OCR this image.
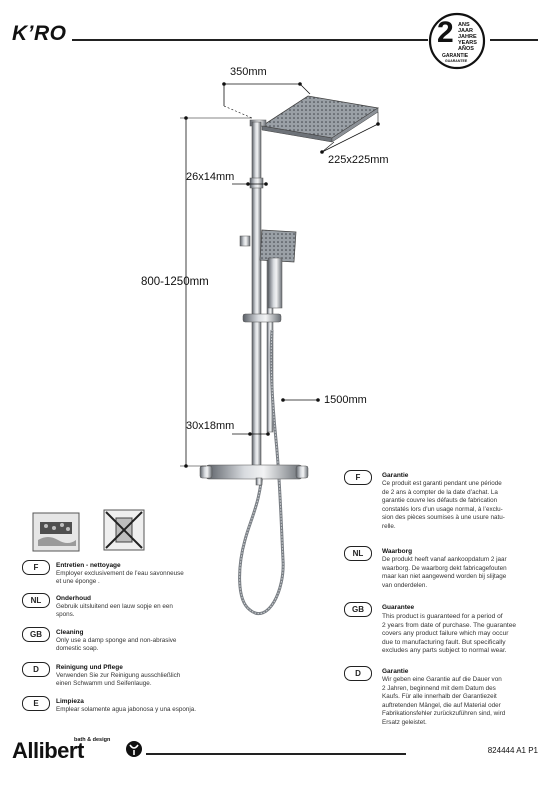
K’RO	2 ANS
JAAR
JAHRE
YEARS
AÑOS
GARANTIE
GUARANTEE
350mm
225x225mm
26x14mm
800-1250mm
1500mm
30x18mm
F	Entretien - nettoyage
Employer exclusivement de l’eau savonneuse
et une éponge .
NL	Onderhoud
Gebruik uitsluitend een lauw sopje en een
spons.
GB	Cleaning
Only use a damp sponge and non-abrasive
domestic soap.
D	Reinigung und Pflege
Verwenden Sie zur Reinigung ausschließlich
einen Schwamm und Seifenlauge.
E	Limpieza
Emplear solamente agua jabonosa y una esponja.
F	Garantie
Ce produit est garanti pendant une période
de 2 ans à compter de la date d’achat. La
garantie couvre les défauts de fabrication
constatés lors d’un usage normal, à l’exclu-
sion des pièces soumises à une usure natu-
relle.
NL	Waarborg
De produkt heeft vanaf aankoopdatum 2 jaar
waarborg. De waarborg dekt fabricagefouten
maar kan niet aangewend worden bij slijtage
van onderdelen.
GB	Guarantee
This product is guaranteed for a period of
2 years from date of purchase. The guarantee
covers any product failure which may occur
due to manufacturing fault. But specifically
excludes any parts subject to normal wear.
D	Garantie
Wir geben eine Garantie auf die Dauer von
2 Jahren, beginnend mit dem Datum des
Kaufs. Für alle innerhalb der Garantiezeit
auftretenden Mängel, die auf Material oder
Fabrikationsfehler zurückzuführen sind, wird
Ersatz geleistet.
Allibert
bath & design
824444 A1 P1
